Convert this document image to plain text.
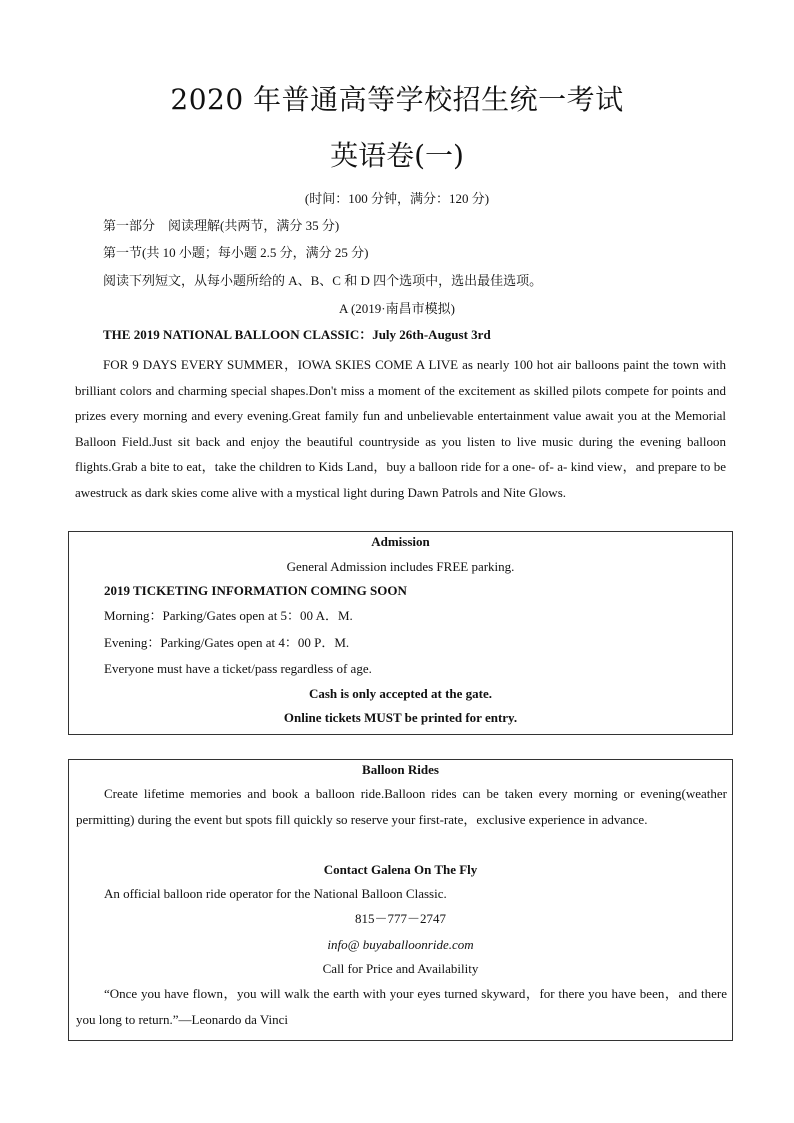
2020 年普通高等学校招生统一考试
英语卷(一)
(时间：100 分钟，满分：120 分)
第一部分　阅读理解(共两节，满分 35 分)
第一节(共 10 小题；每小题 2.5 分，满分 25 分)
阅读下列短文，从每小题所给的 A、B、C 和 D 四个选项中，选出最佳选项。
A (2019·南昌市模拟)
THE 2019 NATIONAL BALLOON CLASSIC：July 26th-August 3rd
FOR 9 DAYS EVERY SUMMER，IOWA SKIES COME A LIVE as nearly 100 hot air balloons paint the town with brilliant colors and charming special shapes.Don't miss a moment of the excitement as skilled pilots compete for points and prizes every morning and every evening.Great family fun and unbelievable entertainment value await you at the Memorial Balloon Field.Just sit back and enjoy the beautiful countryside as you listen to live music during the evening balloon flights.Grab a bite to eat，take the children to Kids Land，buy a balloon ride for a one- of- a- kind view，and prepare to be awestruck as dark skies come alive with a mystical light during Dawn Patrols and Nite Glows.
Admission
General Admission includes FREE parking.
2019 TICKETING INFORMATION COMING SOON
Morning：Parking/Gates open at 5：00 A．M.
Evening：Parking/Gates open at 4：00 P．M.
Everyone must have a ticket/pass regardless of age.
Cash is only accepted at the gate.
Online tickets MUST be printed for entry.
Balloon Rides
Create lifetime memories and book a balloon ride.Balloon rides can be taken every morning or evening(weather permitting) during the event but spots fill quickly so reserve your first-rate，exclusive experience in advance.
Contact Galena On The Fly
An official balloon ride operator for the National Balloon Classic.
815－777－2747
info@ buyaballoonride.com
Call for Price and Availability
“Once you have flown，you will walk the earth with your eyes turned skyward，for there you have been，and there you long to return.”—Leonardo da Vinci
